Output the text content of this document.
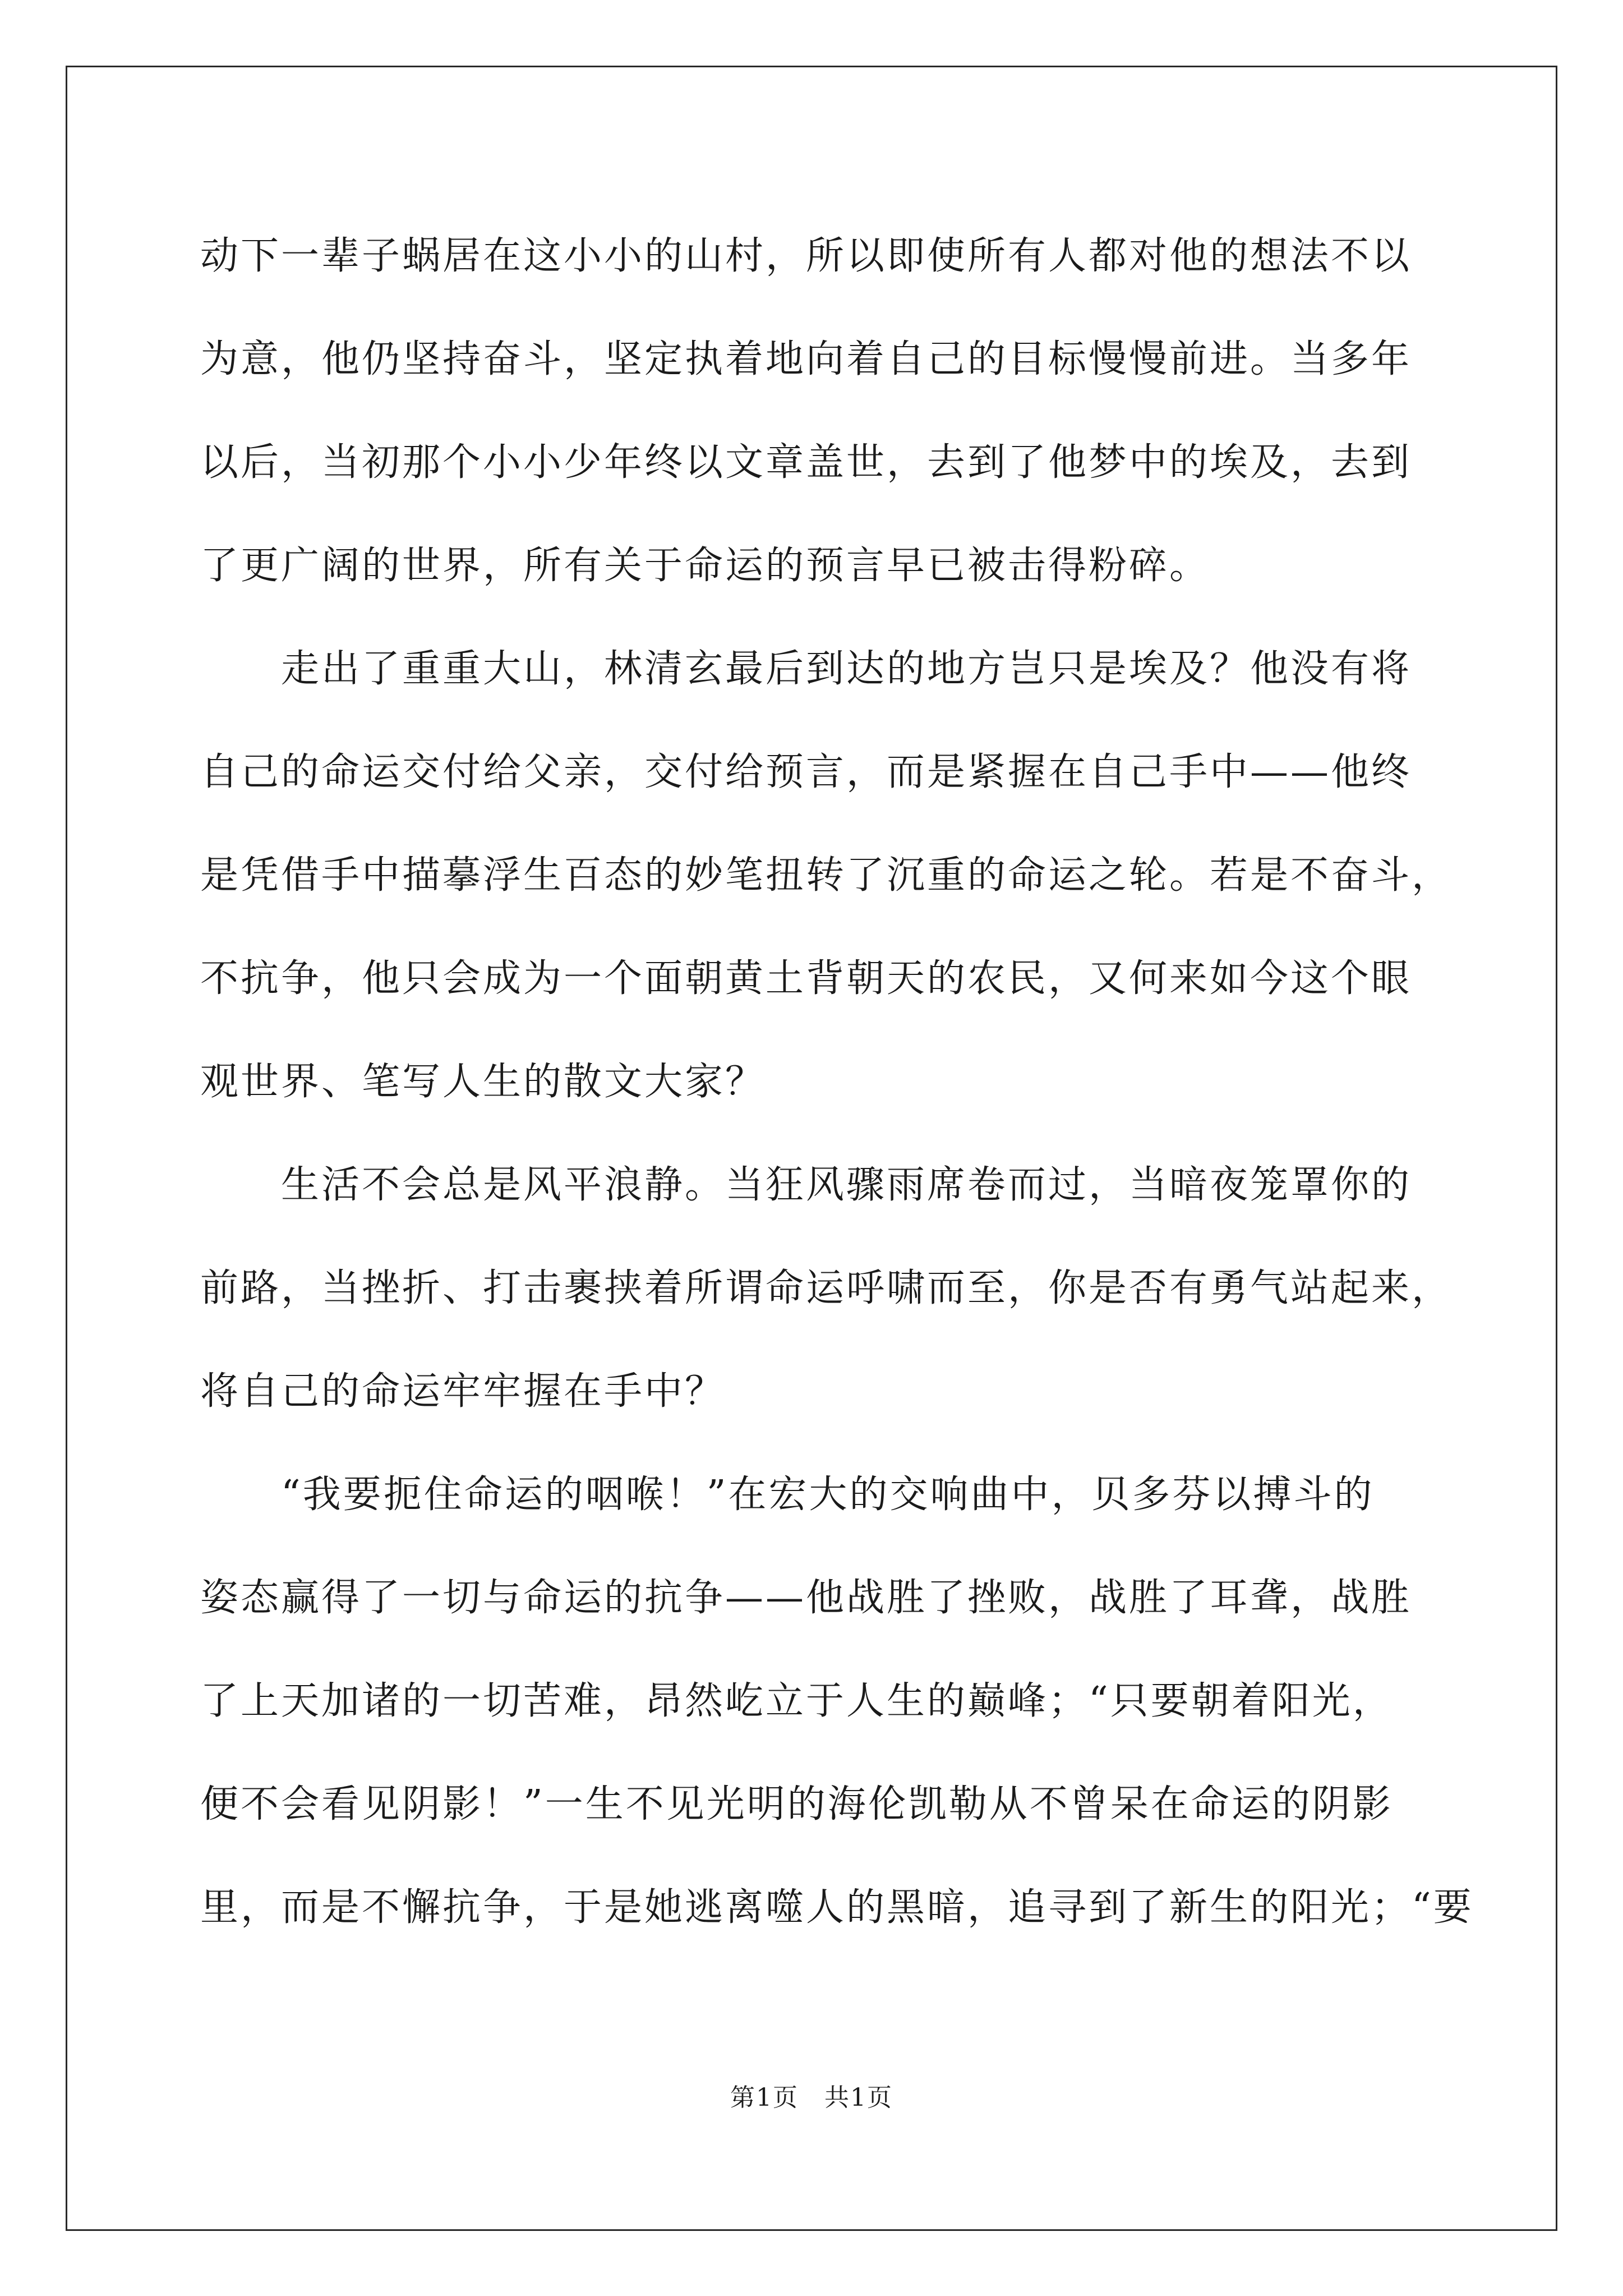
动下一辈子蜗居在这小小的山村，所以即使所有人都对他的想法不以
为意，他仍坚持奋斗，坚定执着地向着自己的目标慢慢前进。当多年
以后，当初那个小小少年终以文章盖世，去到了他梦中的埃及，去到
了更广阔的世界，所有关于命运的预言早已被击得粉碎。
　　走出了重重大山，林清玄最后到达的地方岂只是埃及？他没有将
自己的命运交付给父亲，交付给预言，而是紧握在自己手中——他终
是凭借手中描摹浮生百态的妙笔扭转了沉重的命运之轮。若是不奋斗，
不抗争，他只会成为一个面朝黄土背朝天的农民，又何来如今这个眼
观世界、笔写人生的散文大家？
　　生活不会总是风平浪静。当狂风骤雨席卷而过，当暗夜笼罩你的
前路，当挫折、打击裹挟着所谓命运呼啸而至，你是否有勇气站起来，
将自己的命运牢牢握在手中？
　　“我要扼住命运的咽喉！”在宏大的交响曲中，贝多芬以搏斗的
姿态赢得了一切与命运的抗争——他战胜了挫败，战胜了耳聋，战胜
了上天加诸的一切苦难，昂然屹立于人生的巅峰；“只要朝着阳光，
便不会看见阴影！”一生不见光明的海伦凯勒从不曾呆在命运的阴影
里，而是不懈抗争，于是她逃离噬人的黑暗，追寻到了新生的阳光；“要
第1页　共1页
